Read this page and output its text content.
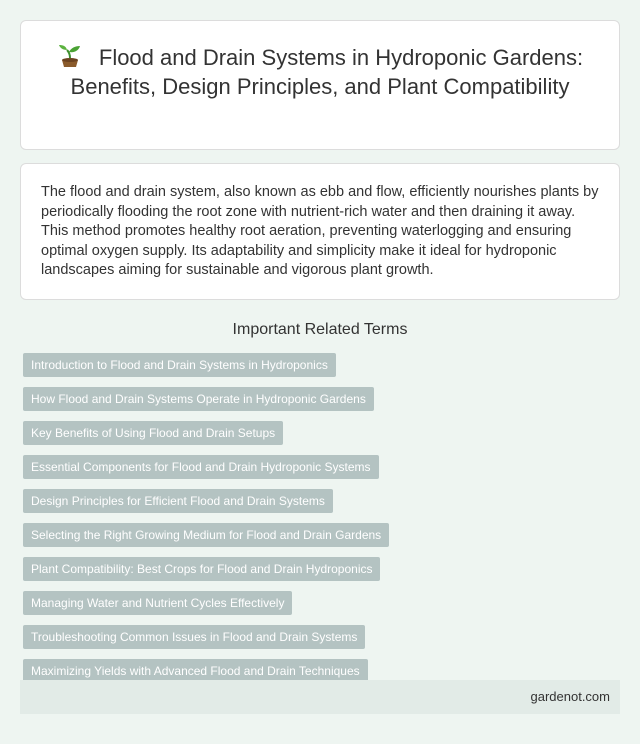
Flood and Drain Systems in Hydroponic Gardens: Benefits, Design Principles, and Plant Compatibility

The flood and drain system, also known as ebb and flow, efficiently nourishes plants by periodically flooding the root zone with nutrient-rich water and then draining it away. This method promotes healthy root aeration, preventing waterlogging and ensuring optimal oxygen supply. Its adaptability and simplicity make it ideal for hydroponic landscapes aiming for sustainable and vigorous plant growth.

Important Related Terms
Introduction to Flood and Drain Systems in Hydroponics
How Flood and Drain Systems Operate in Hydroponic Gardens
Key Benefits of Using Flood and Drain Setups
Essential Components for Flood and Drain Hydroponic Systems
Design Principles for Efficient Flood and Drain Systems
Selecting the Right Growing Medium for Flood and Drain Gardens
Plant Compatibility: Best Crops for Flood and Drain Hydroponics
Managing Water and Nutrient Cycles Effectively
Troubleshooting Common Issues in Flood and Drain Systems
Maximizing Yields with Advanced Flood and Drain Techniques
gardenot.com
